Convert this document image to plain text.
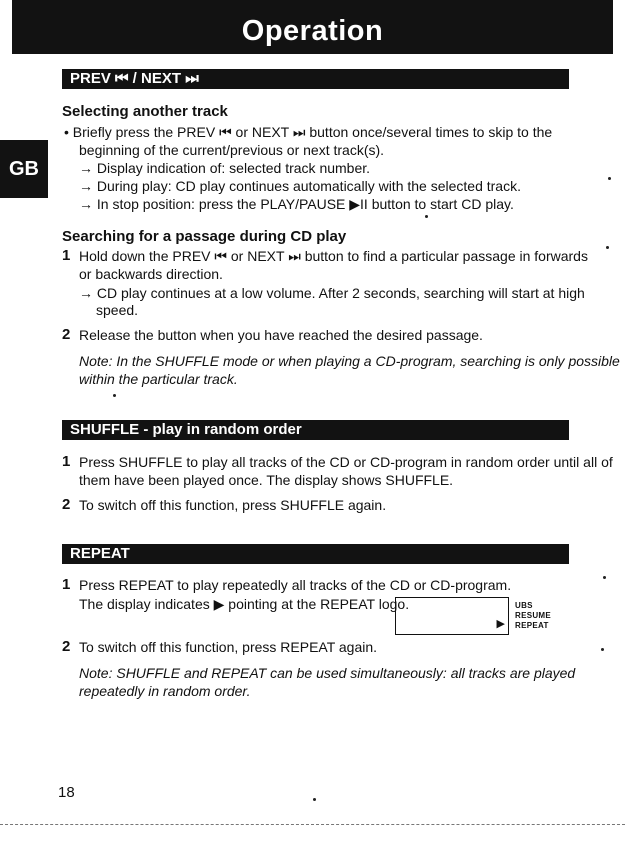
Operation
GB
PREV ⏮ / NEXT ⏭
Selecting another track
• Briefly press the PREV ⏮ or NEXT ⏭ button once/several times to skip to the
beginning of the current/previous or next track(s).
→ Display indication of: selected track number.
→ During play: CD play continues automatically with the selected track.
→ In stop position: press the PLAY/PAUSE ▶II button to start CD play.
Searching for a passage during CD play
1 Hold down the PREV ⏮ or NEXT ⏭ button to find a particular passage in forwards
or backwards direction.
→ CD play continues at a low volume. After 2 seconds, searching will start at high
speed.
2 Release the button when you have reached the desired passage.
Note: In the SHUFFLE mode or when playing a CD-program, searching is only possible
within the particular track.
SHUFFLE - play in random order
1 Press SHUFFLE to play all tracks of the CD or CD-program in random order until all of
them have been played once. The display shows SHUFFLE.
2 To switch off this function, press SHUFFLE again.
REPEAT
1 Press REPEAT to play repeatedly all tracks of the CD or CD-program.
The display indicates ▶ pointing at the REPEAT logo.
▶
UBS
RESUME
REPEAT
2 To switch off this function, press REPEAT again.
Note: SHUFFLE and REPEAT can be used simultaneously: all tracks are played
repeatedly in random order.
18
